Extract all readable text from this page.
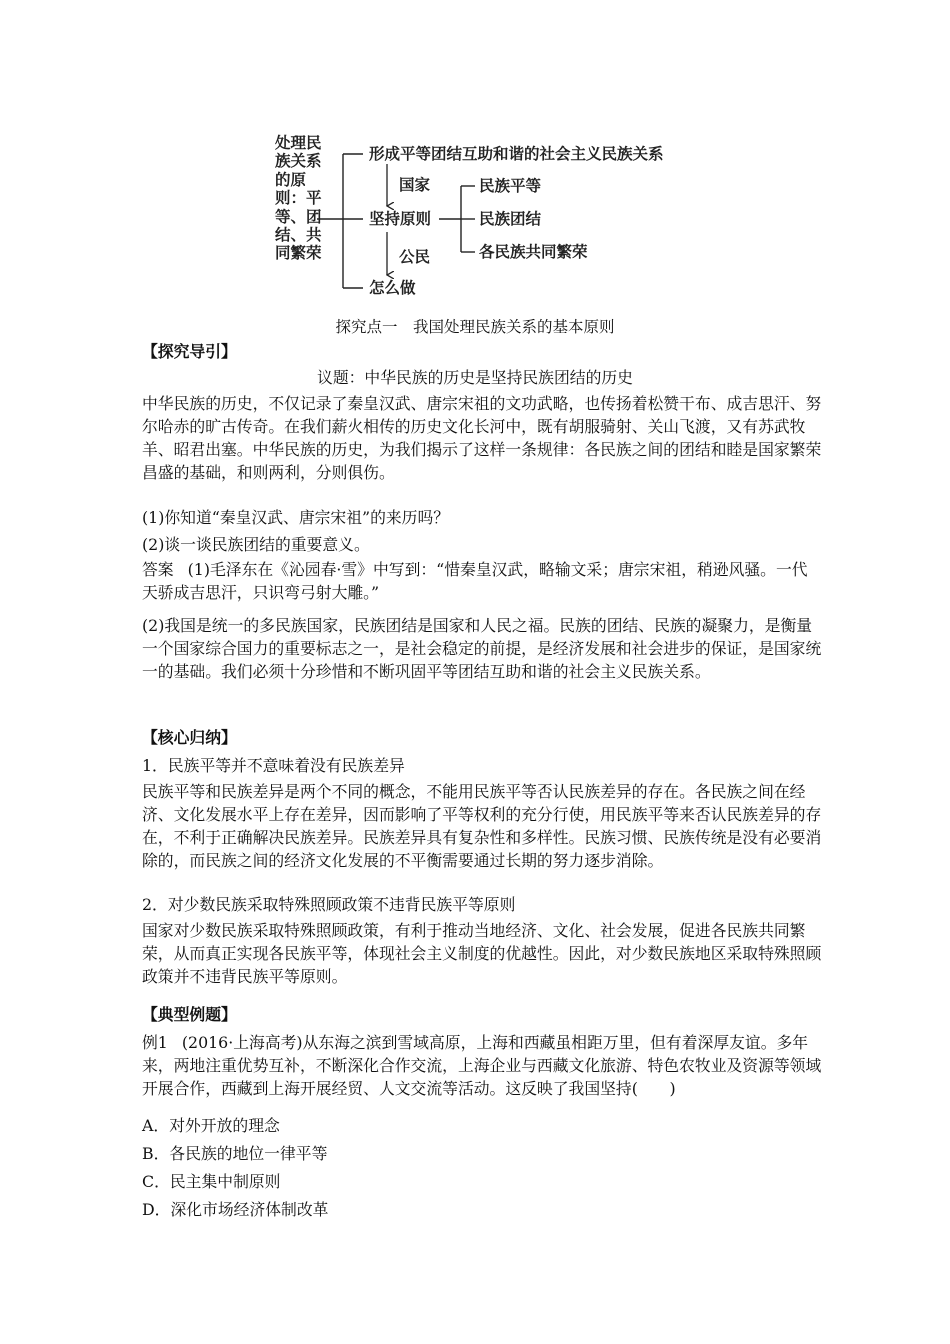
处理民族关系的原则：平等、团结、共同繁荣
形成平等团结互助和谐的社会主义民族关系
国家
坚持原则
民族平等
民族团结
各民族共同繁荣
公民
怎么做
探究点一　我国处理民族关系的基本原则
【探究导引】
议题：中华民族的历史是坚持民族团结的历史
中华民族的历史，不仅记录了秦皇汉武、唐宗宋祖的文功武略，也传扬着松赞干布、成吉思汗、努尔哈赤的旷古传奇。在我们薪火相传的历史文化长河中，既有胡服骑射、关山飞渡，又有苏武牧羊、昭君出塞。中华民族的历史，为我们揭示了这样一条规律：各民族之间的团结和睦是国家繁荣昌盛的基础，和则两利，分则俱伤。
(1)你知道“秦皇汉武、唐宗宋祖”的来历吗？
(2)谈一谈民族团结的重要意义。
答案 (1)毛泽东在《沁园春·雪》中写到：“惜秦皇汉武，略输文采；唐宗宋祖，稍逊风骚。一代天骄成吉思汗，只识弯弓射大雕。”
(2)我国是统一的多民族国家，民族团结是国家和人民之福。民族的团结、民族的凝聚力，是衡量一个国家综合国力的重要标志之一，是社会稳定的前提，是经济发展和社会进步的保证，是国家统一的基础。我们必须十分珍惜和不断巩固平等团结互助和谐的社会主义民族关系。
【核心归纳】
1．民族平等并不意味着没有民族差异
民族平等和民族差异是两个不同的概念，不能用民族平等否认民族差异的存在。各民族之间在经济、文化发展水平上存在差异，因而影响了平等权利的充分行使，用民族平等来否认民族差异的存在，不利于正确解决民族差异。民族差异具有复杂性和多样性。民族习惯、民族传统是没有必要消除的，而民族之间的经济文化发展的不平衡需要通过长期的努力逐步消除。
2．对少数民族采取特殊照顾政策不违背民族平等原则
国家对少数民族采取特殊照顾政策，有利于推动当地经济、文化、社会发展，促进各民族共同繁荣，从而真正实现各民族平等，体现社会主义制度的优越性。因此，对少数民族地区采取特殊照顾政策并不违背民族平等原则。
【典型例题】
例1 (2016·上海高考)从东海之滨到雪域高原，上海和西藏虽相距万里，但有着深厚友谊。多年来，两地注重优势互补，不断深化合作交流，上海企业与西藏文化旅游、特色农牧业及资源等领域开展合作，西藏到上海开展经贸、人文交流等活动。这反映了我国坚持(　　)
A．对外开放的理念
B．各民族的地位一律平等
C．民主集中制原则
D．深化市场经济体制改革
